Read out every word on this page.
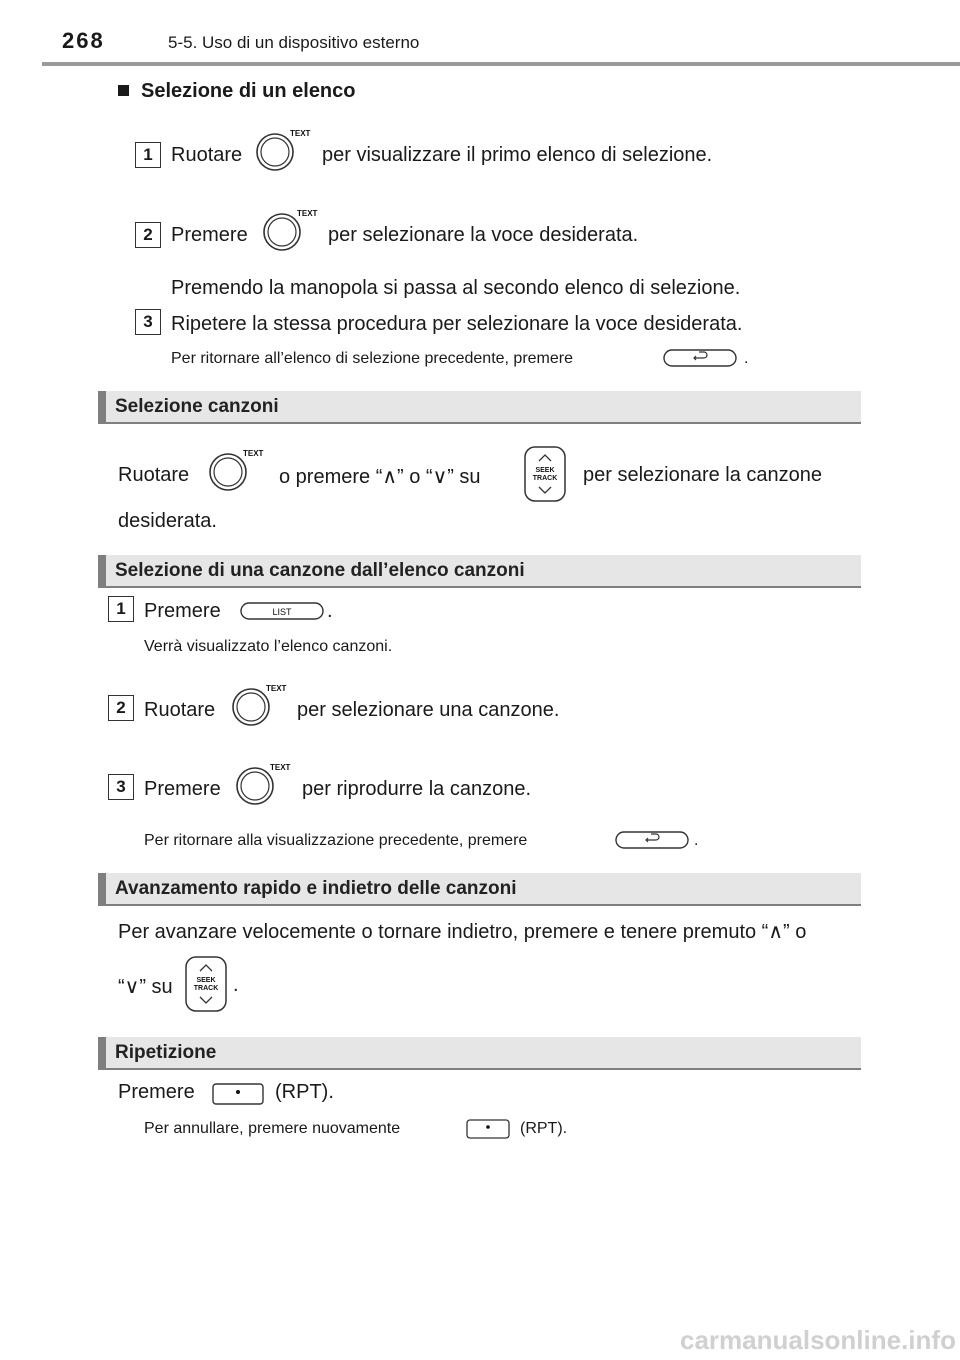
268	5-5. Uso di un dispositivo esterno
Selezione di un elenco
1 Ruotare
TEXT
per visualizzare il primo elenco di selezione.
2 Premere
TEXT
per selezionare la voce desiderata.
Premendo la manopola si passa al secondo elenco di selezione.
3 Ripetere la stessa procedura per selezionare la voce desiderata.
Per ritornare all’elenco di selezione precedente, premere	.
Selezione canzoni
Ruotare
TEXT
o premere “∧” o “∨” su	SEEK
TRACK per selezionare la canzone
desiderata.
Selezione di una canzone dall’elenco canzoni
1 Premere	LIST .
Verrà visualizzato l’elenco canzoni.
2 Ruotare
TEXT
per selezionare una canzone.
3 Premere
TEXT
per riprodurre la canzone.
Per ritornare alla visualizzazione precedente, premere	.
Avanzamento rapido e indietro delle canzoni
Per avanzare velocemente o tornare indietro, premere e tenere premuto “∧” o
“∨” su	SEEK
TRACK .
Ripetizione
Premere	(RPT).
Per annullare, premere nuovamente	(RPT).
carmanualsonline.info
